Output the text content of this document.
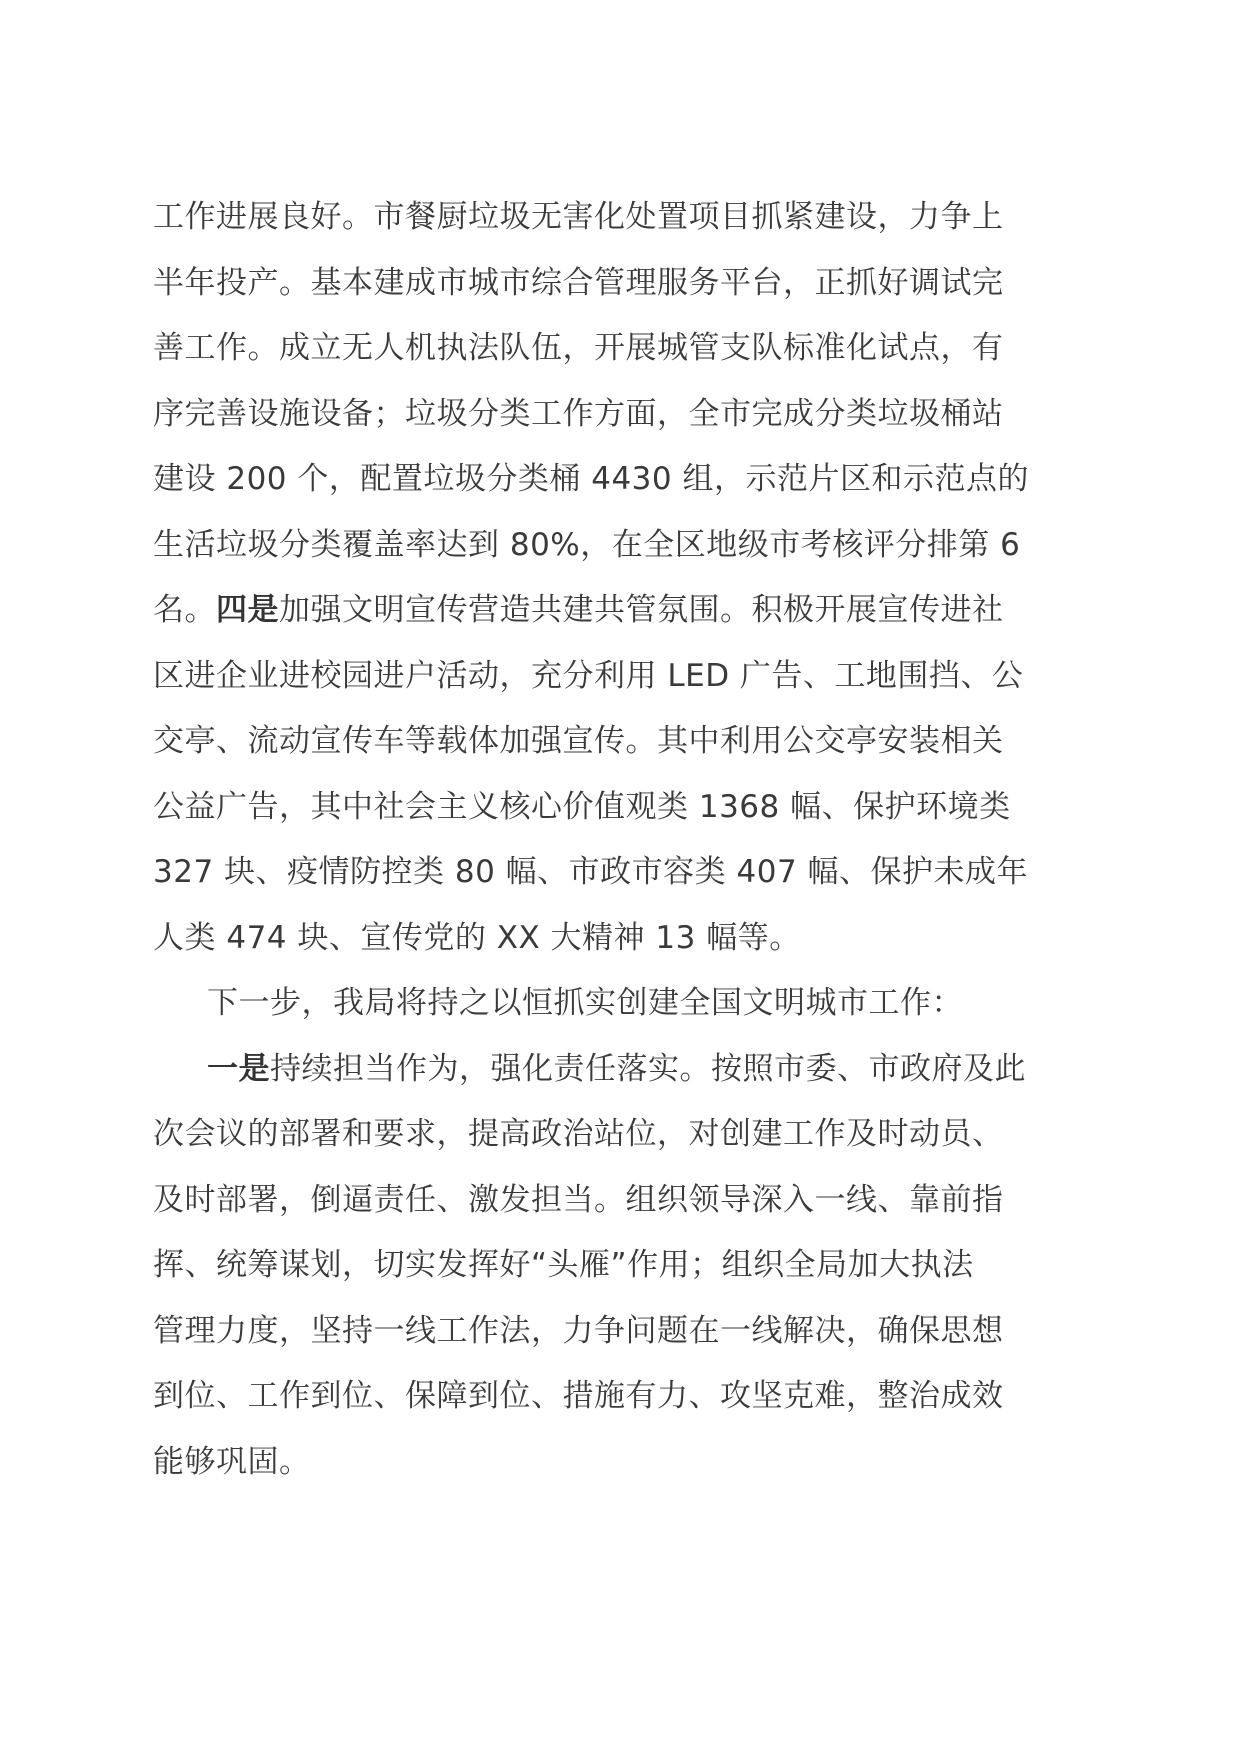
工作进展良好。市餐厨垃圾无害化处置项目抓紧建设，力争上
半年投产。基本建成市城市综合管理服务平台，正抓好调试完
善工作。成立无人机执法队伍，开展城管支队标准化试点，有
序完善设施设备；垃圾分类工作方面，全市完成分类垃圾桶站
建设 200 个，配置垃圾分类桶 4430 组，示范片区和示范点的
生活垃圾分类覆盖率达到 80%，在全区地级市考核评分排第 6
名。四是加强文明宣传营造共建共管氛围。积极开展宣传进社
区进企业进校园进户活动，充分利用 LED 广告、工地围挡、公
交亭、流动宣传车等载体加强宣传。其中利用公交亭安装相关
公益广告，其中社会主义核心价值观类 1368 幅、保护环境类
327 块、疫情防控类 80 幅、市政市容类 407 幅、保护未成年
人类 474 块、宣传党的 XX 大精神 13 幅等。
下一步，我局将持之以恒抓实创建全国文明城市工作：
一是持续担当作为，强化责任落实。按照市委、市政府及此
次会议的部署和要求，提高政治站位，对创建工作及时动员、
及时部署，倒逼责任、激发担当。组织领导深入一线、靠前指
挥、统筹谋划，切实发挥好“头雁”作用；组织全局加大执法
管理力度，坚持一线工作法，力争问题在一线解决，确保思想
到位、工作到位、保障到位、措施有力、攻坚克难，整治成效
能够巩固。
